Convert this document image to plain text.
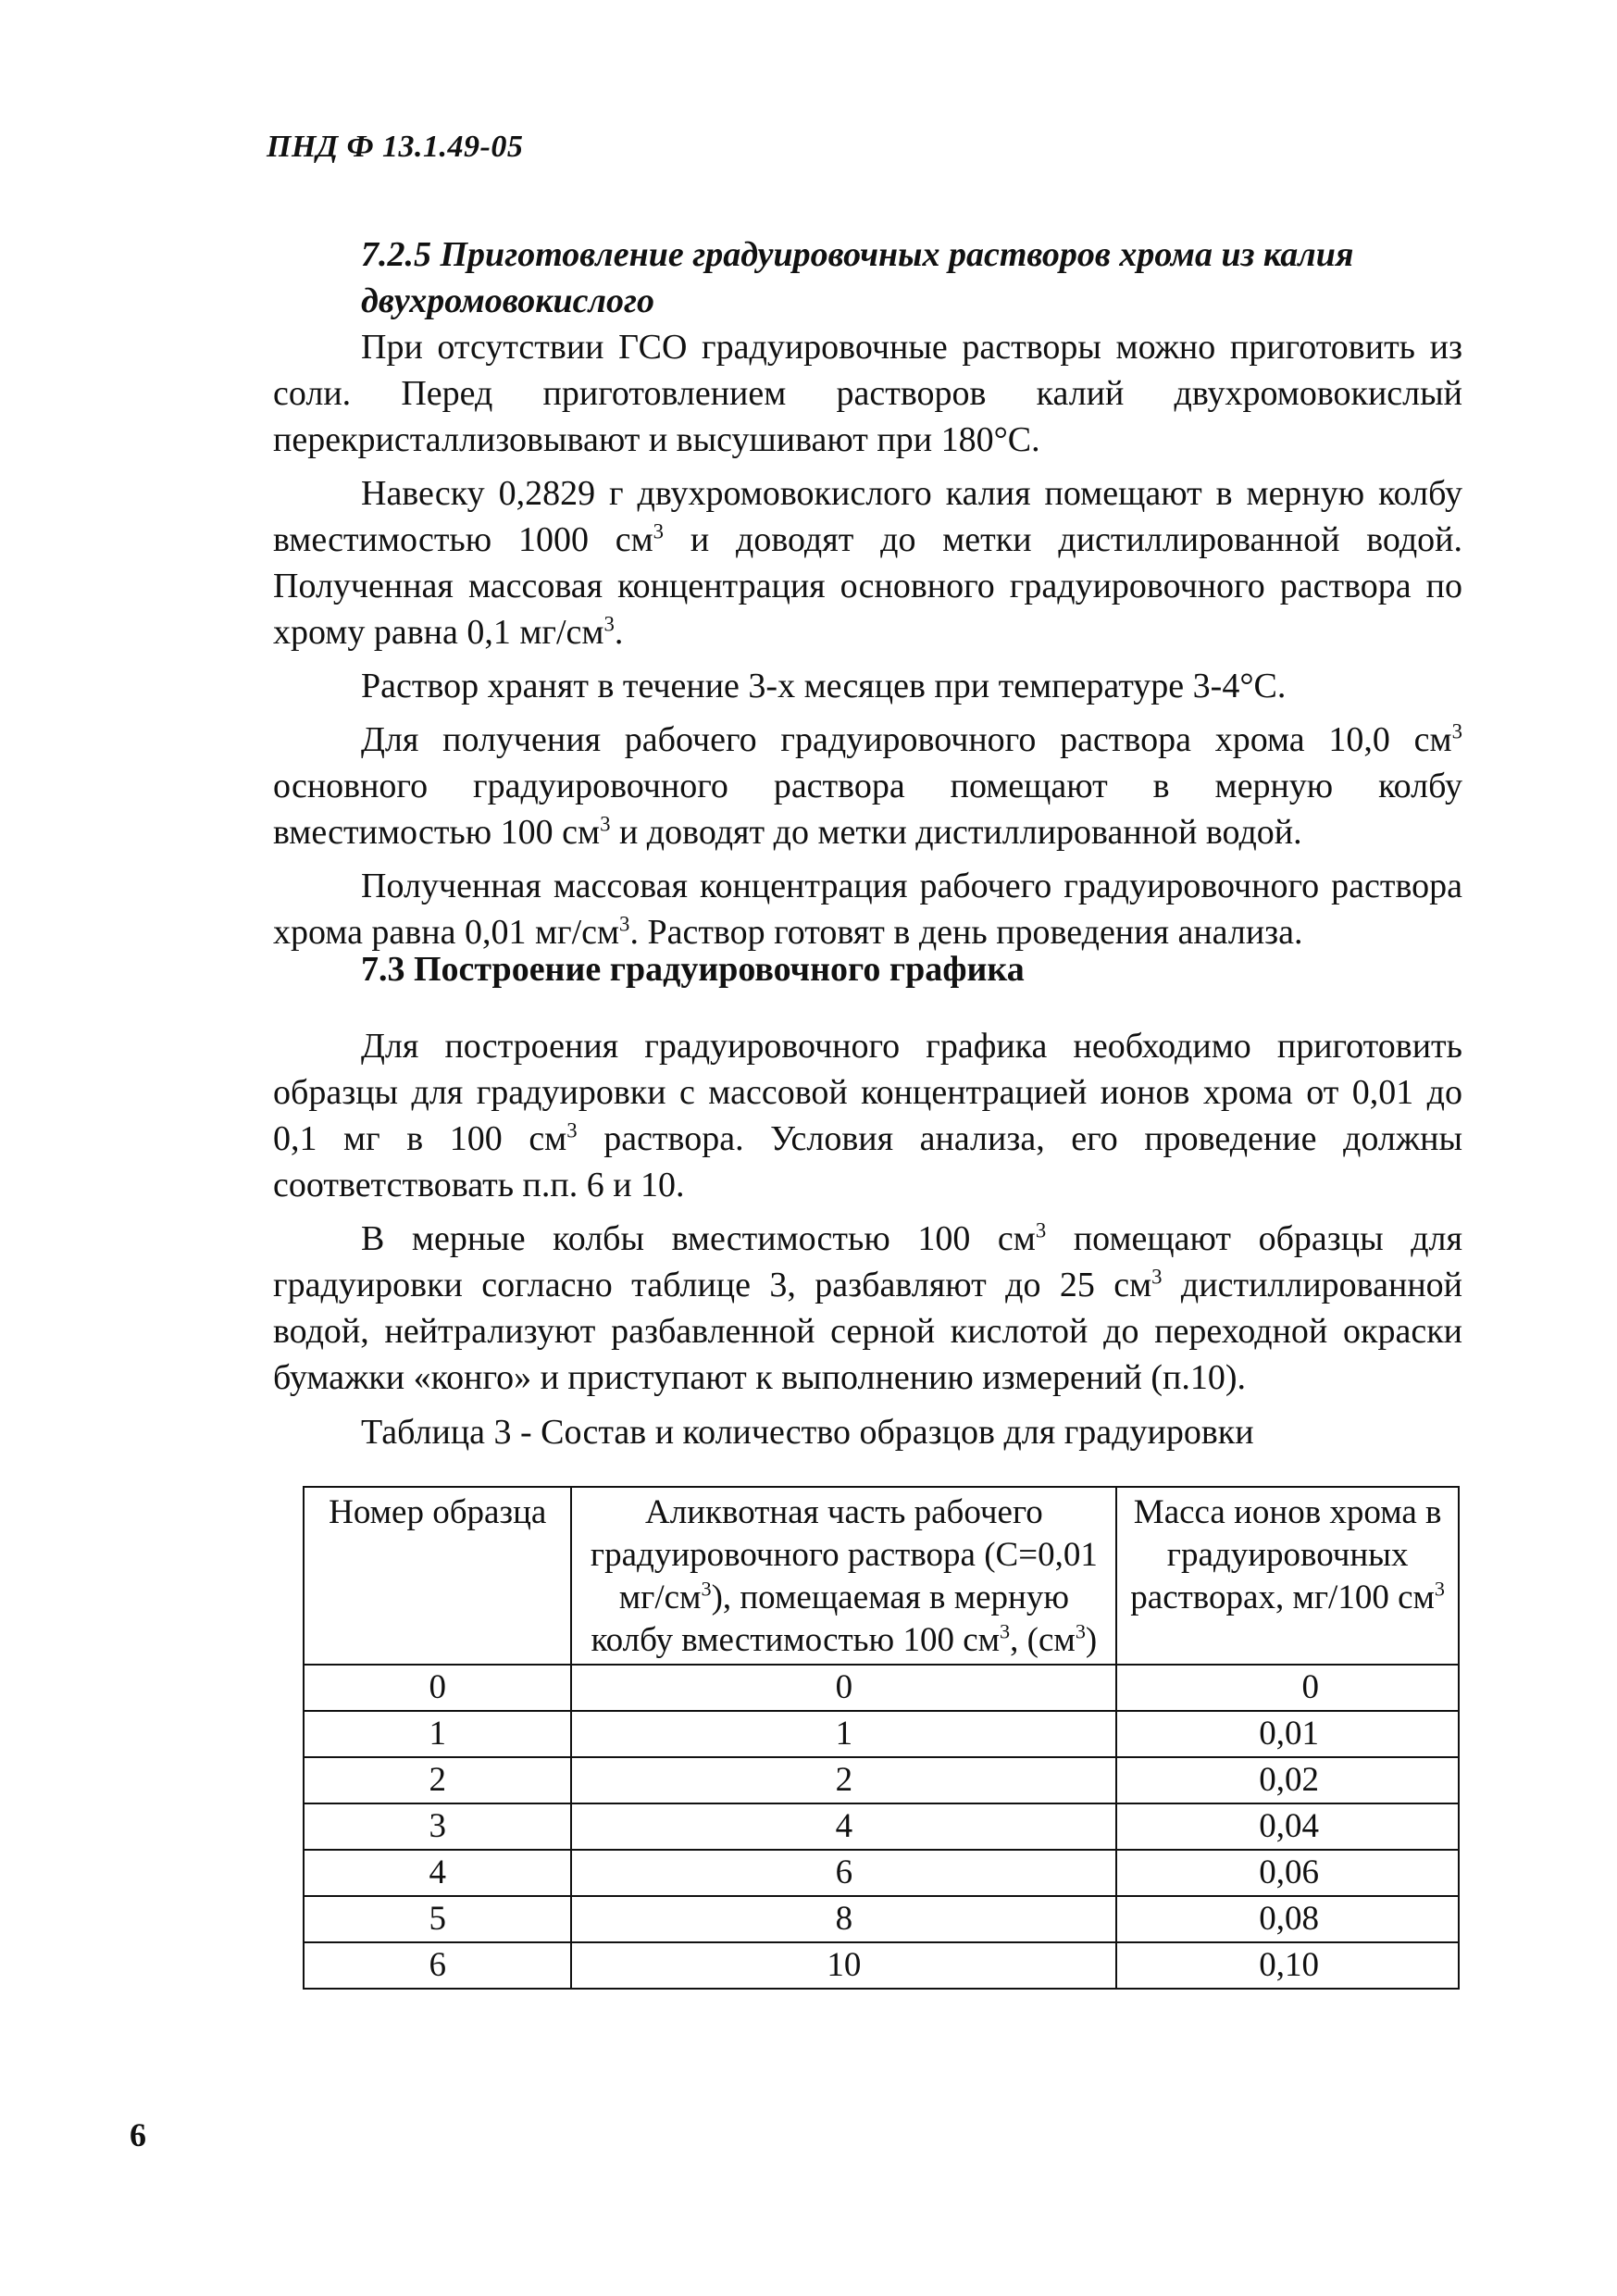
ПНД Ф 13.1.49-05
7.2.5 Приготовление градуировочных растворов хрома из калия двухромовокислого

При отсутствии ГСО градуировочные растворы можно приготовить из соли. Перед приготовлением растворов калий двухромовокислый перекристаллизовывают и высушивают при 180°С.

Навеску 0,2829 г двухромовокислого калия помещают в мерную колбу вместимостью 1000 $см^3$ и доводят до метки дистиллированной водой. Полученная массовая концентрация основного градуировочного раствора по хрому равна 0,1 $мг/см^3$.

Раствор хранят в течение 3-х месяцев при температуре 3-4°С.

Для получения рабочего градуировочного раствора хрома 10,0 $см^3$ основного градуировочного раствора помещают в мерную колбу вместимостью 100 $см^3$ и доводят до метки дистиллированной водой.

Полученная массовая концентрация рабочего градуировочного раствора хрома равна 0,01 $мг/см^3$. Раствор готовят в день проведения анализа.

7.3 Построение градуировочного графика

Для построения градуировочного графика необходимо приготовить образцы для градуировки с массовой концентрацией ионов хрома от 0,01 до 0,1 мг в 100 $см^3$ раствора. Условия анализа, его проведение должны соответствовать п.п. 6 и 10.

В мерные колбы вместимостью 100 $см^3$ помещают образцы для градуировки согласно таблице 3, разбавляют до 25 $см^3$ дистиллированной водой, нейтрализуют разбавленной серной кислотой до переходной окраски бумажки «конго» и приступают к выполнению измерений (п.10).

Таблица 3 - Состав и количество образцов для градуировки
Номер образца	Аликвотная часть рабочего градуировочного раствора (С=0,01 $мг/см^3$), помещаемая в мерную колбу вместимостью 100 $см^3$, $(см^3)$	Масса ионов хрома в градуировочных растворах, мг/100 $см^3$
0	0	0
1	1	0,01
2	2	0,02
3	4	0,04
4	6	0,06
5	8	0,08
6	10	0,10
6
